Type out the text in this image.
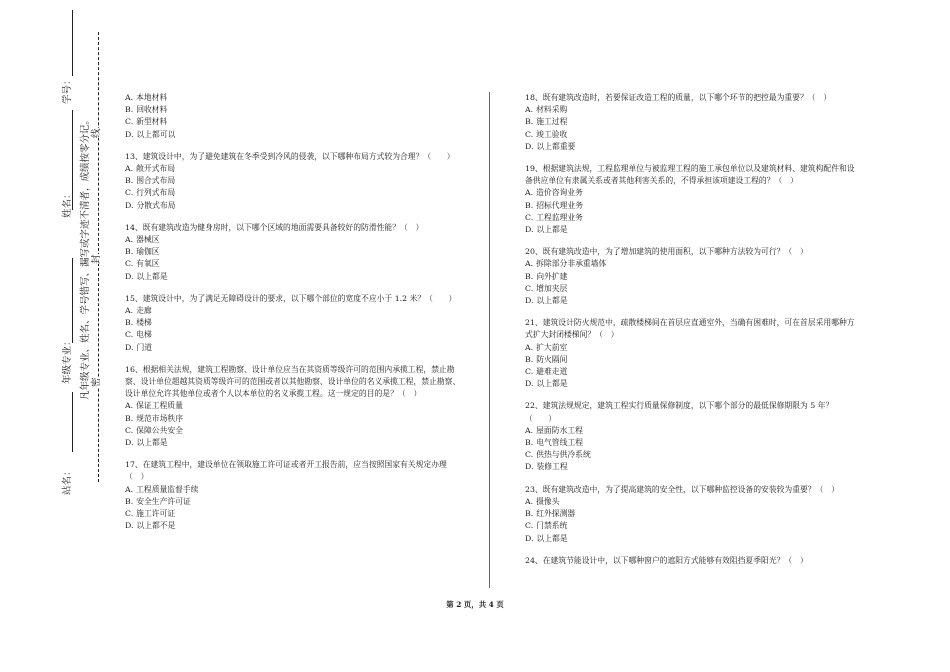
学号：
姓名：
年级专业：
站名：
凡年级专业、姓名、学号错写、漏写或字迹不清者，成绩按零分记。 密
封
线

A. 本地材料

B. 回收材料

C. 新型材料

D. 以上都可以

13、建筑设计中，为了避免建筑在冬季受到冷风的侵袭，以下哪种布局方式较为合理？（　　）

A. 敞开式布局

B. 围合式布局

C. 行列式布局

D. 分散式布局

14、既有建筑改造为健身房时，以下哪个区域的地面需要具备较好的防滑性能？（　）

A. 器械区

B. 瑜伽区

C. 有氧区

D. 以上都是

15、建筑设计中，为了满足无障碍设计的要求，以下哪个部位的宽度不应小于 1.2 米？（　　）

A. 走廊

B. 楼梯

C. 电梯

D. 门道

16、根据相关法规，建筑工程勘察、设计单位应当在其资质等级许可的范围内承揽工程，禁止勘察、设计单位超越其资质等级许可的范围或者以其他勘察、设计单位的名义承揽工程，禁止勘察、设计单位允许其他单位或者个人以本单位的名义承揽工程。这一规定的目的是？（　）

A. 保证工程质量

B. 规范市场秩序

C. 保障公共安全

D. 以上都是

17、在建筑工程中，建设单位在领取施工许可证或者开工报告前，应当按照国家有关规定办理（　）

A. 工程质量监督手续

B. 安全生产许可证

C. 施工许可证

D. 以上都不是

18、既有建筑改造时，若要保证改造工程的质量，以下哪个环节的把控最为重要？（　）

A. 材料采购

B. 施工过程

C. 竣工验收

D. 以上都重要

19、根据建筑法规，工程监理单位与被监理工程的施工承包单位以及建筑材料、建筑构配件和设备供应单位有隶属关系或者其他利害关系的，不得承担该项建设工程的？（　）

A. 造价咨询业务

B. 招标代理业务

C. 工程监理业务

D. 以上都是

20、既有建筑改造中，为了增加建筑的使用面积，以下哪种方法较为可行？（　）

A. 拆除部分非承重墙体

B. 向外扩建

C. 增加夹层

D. 以上都是

21、建筑设计防火规范中，疏散楼梯间在首层应直通室外，当确有困难时，可在首层采用哪种方式扩大封闭楼梯间？（　）

A. 扩大前室

B. 防火隔间

C. 避难走道

D. 以上都是

22、建筑法规规定，建筑工程实行质量保修制度，以下哪个部分的最低保修期限为 5 年？（　　）

A. 屋面防水工程

B. 电气管线工程

C. 供热与供冷系统

D. 装修工程

23、既有建筑改造中，为了提高建筑的安全性，以下哪种监控设备的安装较为重要？（　）

A. 摄像头

B. 红外探测器

C. 门禁系统

D. 以上都是

24、在建筑节能设计中，以下哪种窗户的遮阳方式能够有效阻挡夏季阳光？（　）

第 2 页，共 4 页
